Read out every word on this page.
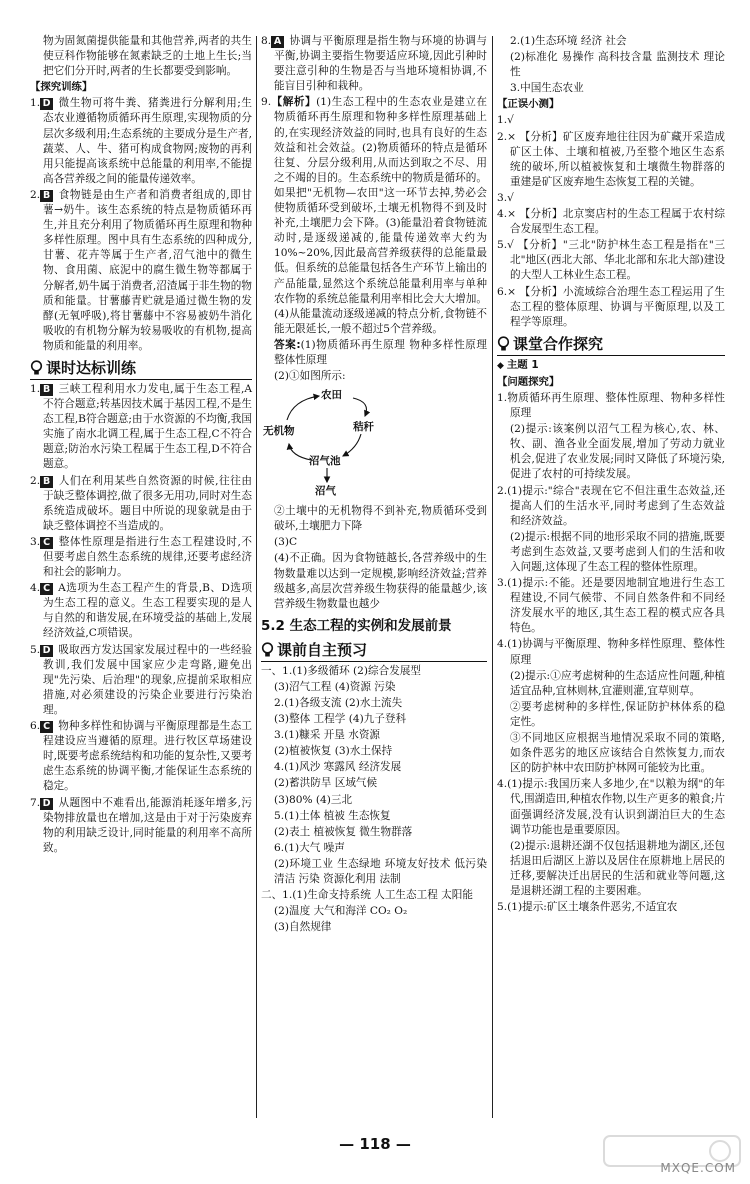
物为固氮菌提供能量和其他营养,两者的共生使豆科作物能够在氮素缺乏的土地上生长;当把它们分开时,两者的生长都要受到影响。

【探究训练】

1. D 微生物可将牛粪、猪粪进行分解利用;生态农业遵循物质循环再生原理,实现物质的分层次多级利用;生态系统的主要成分是生产者,蔬菜、人、牛、猪可构成食物网;废物的再利用只能提高该系统中总能量的利用率,不能提高各营养级之间的能量传递效率。

2. B 食物链是由生产者和消费者组成的,即甘薯→奶牛。该生态系统的特点是物质循环再生,并且充分利用了物质循环再生原理和物种多样性原理。图中具有生态系统的四种成分,甘薯、花卉等属于生产者,沼气池中的微生物、食用菌、底泥中的腐生微生物等都属于分解者,奶牛属于消费者,沼渣属于非生物的物质和能量。甘薯藤青贮就是通过微生物的发酵(无氧呼吸),将甘薯藤中不容易被奶牛消化吸收的有机物分解为较易吸收的有机物,提高物质和能量的利用率。

课时达标训练

1. B 三峡工程利用水力发电,属于生态工程,A不符合题意;转基因技术属于基因工程,不是生态工程,B符合题意;由于水资源的不均衡,我国实施了南水北调工程,属于生态工程,C不符合题意;防治水污染工程属于生态工程,D不符合题意。

2. B 人们在利用某些自然资源的时候,往往由于缺乏整体调控,做了很多无用功,同时对生态系统造成破坏。题目中所说的现象就是由于缺乏整体调控不当造成的。

3. C 整体性原理是指进行生态工程建设时,不但要考虑自然生态系统的规律,还要考虑经济和社会的影响力。

4. C A选项为生态工程产生的背景,B、D选项为生态工程的意义。生态工程要实现的是人与自然的和谐发展,在环境受益的基础上,发展经济效益,C项错误。

5. D 吸取西方发达国家发展过程中的一些经验教训,我们发展中国家应少走弯路,避免出现"先污染、后治理"的现象,应提前采取相应措施,对必须建设的污染企业要进行污染治理。

6. C 物种多样性和协调与平衡原理都是生态工程建设应当遵循的原理。进行牧区草场建设时,既要考虑系统结构和功能的复杂性,又要考虑生态系统的协调平衡,才能保证生态系统的稳定。

7. D 从题图中不难看出,能源消耗逐年增多,污染物排放量也在增加,这是由于对于污染废弃物的利用缺乏设计,同时能量的利用率不高所致。

8. A 协调与平衡原理是指生物与环境的协调与平衡,协调主要指生物要适应环境,因此引种时要注意引种的生物是否与当地环境相协调,不能盲目引种和栽种。

9.【解析】(1)生态工程中的生态农业是建立在物质循环再生原理和物种多样性原理基础上的,在实现经济效益的同时,也具有良好的生态效益和社会效益。(2)物质循环的特点是循环往复、分层分级利用,从而达到取之不尽、用之不竭的目的。生态系统中的物质是循环的。如果把"无机物—农田"这一环节去掉,势必会使物质循环受到破坏,土壤无机物得不到及时补充,土壤肥力会下降。(3)能量沿着食物链流动时,是逐级递减的,能量传递效率大约为10%~20%,因此最高营养级获得的总能量最低。但系统的总能量包括各生产环节上输出的产品能量,显然这个系统总能量利用率与单种农作物的系统总能量利用率相比会大大增加。(4)从能量流动逐级递减的特点分析,食物链不能无限延长,一般不超过5个营养级。

答案:(1)物质循环再生原理 物种多样性原理 整体性原理

(2)①如图所示:

农田
无机物	秸秆
沼气池
沼气

②土壤中的无机物得不到补充,物质循环受到破坏,土壤肥力下降

(3)C

(4)不正确。因为食物链越长,各营养级中的生物数量难以达到一定规模,影响经济效益;营养级越多,高层次营养级生物获得的能量越少,该营养级生物数量也越少

5.2 生态工程的实例和发展前景
课前自主预习

一、1.(1)多级循环 (2)综合发展型

(3)沼气工程 (4)资源 污染

2.(1)各级支流 (2)水土流失

(3)整体 工程学 (4)九子登科

3.(1)糠采 开垦 水资源

(2)植被恢复 (3)水土保持

4.(1)风沙 寒露风 经济发展

(2)蓄洪防旱 区域气候

(3)80% (4)三北

5.(1)土体 植被 生态恢复

(2)表土 植被恢复 微生物群落

6.(1)大气 噪声

(2)环境工业 生态绿地 环境友好技术 低污染清洁 污染 资源化利用 法制

二、1.(1)生命支持系统 人工生态工程 太阳能

(2)温度 大气和海洋 CO₂ O₂

(3)自然规律

2.(1)生态环境 经济 社会

(2)标准化 易操作 高科技含量 监测技术 理论性

3.中国生态农业

【正误小测】

1.√

2.× 【分析】矿区废弃地往往因为矿藏开采造成矿区土体、土壤和植被,乃至整个地区生态系统的破坏,所以植被恢复和土壤微生物群落的重建是矿区废弃地生态恢复工程的关键。

3.√

4.× 【分析】北京窦店村的生态工程属于农村综合发展型生态工程。

5.√ 【分析】"三北"防护林生态工程是指在"三北"地区(西北大部、华北北部和东北大部)建设的大型人工林业生态工程。

6.× 【分析】小流域综合治理生态工程运用了生态工程的整体原理、协调与平衡原理,以及工程学等原理。

课堂合作探究
◆ 主题 1
【问题探究】

1.物质循环再生原理、整体性原理、物种多样性原理

(2)提示:该案例以沼气工程为核心,农、林、牧、副、渔各业全面发展,增加了劳动力就业机会,促进了农业发展;同时又降低了环境污染,促进了农村的可持续发展。

2.(1)提示:"综合"表现在它不但注重生态效益,还提高人们的生活水平,同时考虑到了生态效益和经济效益。

(2)提示:根据不同的地形采取不同的措施,既要考虑到生态效益,又要考虑到人们的生活和收入问题,这体现了生态工程的整体性原理。

3.(1)提示:不能。还是要因地制宜地进行生态工程建设,不同气候带、不同自然条件和不同经济发展水平的地区,其生态工程的模式应各具特色。

4.(1)协调与平衡原理、物种多样性原理、整体性原理

(2)提示:①应考虑树种的生态适应性问题,种植适宜品种,宜林则林,宜灌则灌,宜草则草。

②要考虑树种的多样性,保证防护林体系的稳定性。

③不同地区应根据当地情况采取不同的策略,如条件恶劣的地区应该结合自然恢复力,而农区的防护林中农田防护林网可能较为比重。

4.(1)提示:我国历来人多地少,在"以粮为纲"的年代,围湖造田,种植农作物,以生产更多的粮食;片面强调经济发展,没有认识到湖泊巨大的生态调节功能也是重要原因。

(2)提示:退耕还湖不仅包括退耕地为湖区,还包括退田后湖区上游以及居住在原耕地上居民的迁移,要解决迁出居民的生活和就业等问题,这是退耕还湖工程的主要困难。

5.(1)提示:矿区土壤条件恶劣,不适宜农

— 118 —
MXQE.COM
